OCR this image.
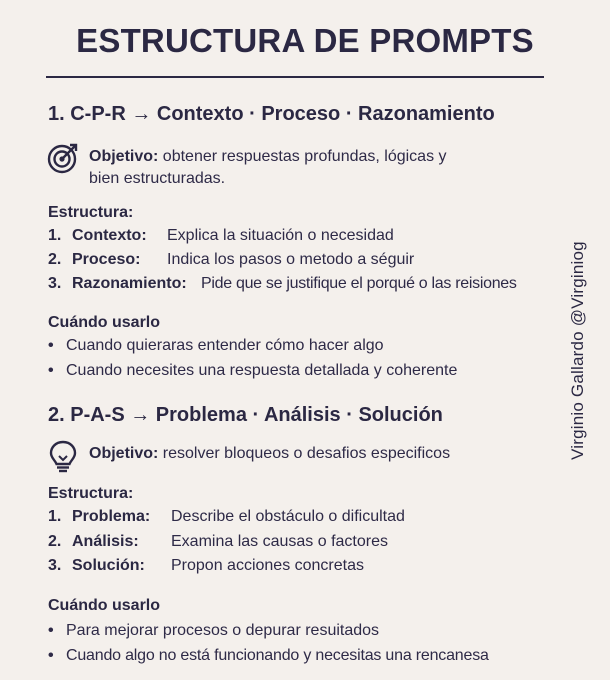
ESTRUCTURA DE PROMPTS
1. C-P-R → Contexto · Proceso · Razonamiento
Objetivo: obtener respuestas profundas, lógicas y
bien estructuradas.
Estructura:
1. Contexto: Explica la situación o necesidad
2. Proceso: Indica los pasos o metodo a séguir
3. Razonamiento: Pide que se justifique el porqué o las reisiones
Cuándo usarlo
• Cuando quieraras entender cómo hacer algo
• Cuando necesites una respuesta detallada y coherente
2. P-A-S → Problema · Análisis · Solución
Objetivo: resolver bloqueos o desafios especificos
Estructura:
1. Problema: Describe el obstáculo o dificultad
2. Análisis: Examina las causas o factores
3. Solución: Propon acciones concretas
Cuándo usarlo
• Para mejorar procesos o depurar resuitados
• Cuando algo no está funcionando y necesitas una rencanesa
Virginio Gallardo @Virginiog
